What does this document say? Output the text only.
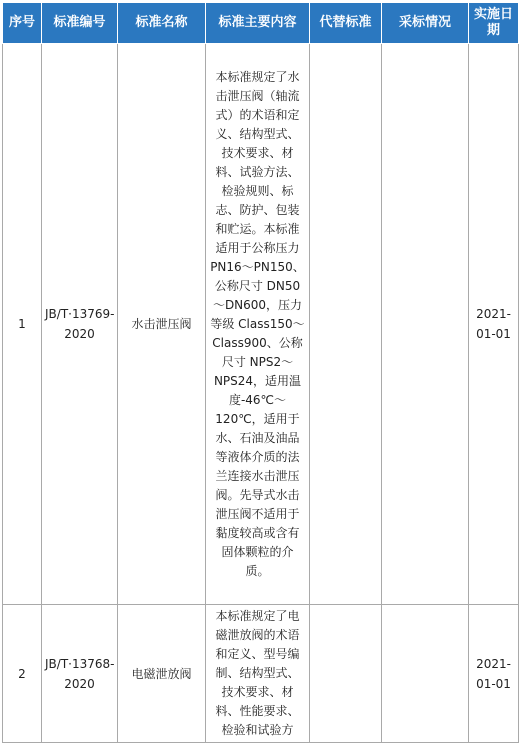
序号	标准编号	标准名称	标准主要内容	代替标准	采标情况	实施日期
1	JB/T·13769-2020	水击泄压阀	本标准规定了水击泄压阀（轴流式）的术语和定义、结构型式、技术要求、材料、试验方法、检验规则、标志、防护、包装和贮运。本标准适用于公称压力 PN16～PN150、公称尺寸 DN50～DN600，压力等级 Class150～Class900、公称尺寸 NPS2～NPS24，适用温度-46℃～120℃，适用于水、石油及油品等液体介质的法兰连接水击泄压阀。先导式水击泄压阀不适用于黏度较高或含有固体颗粒的介质。			2021-01-01
2	JB/T·13768-2020	电磁泄放阀	本标准规定了电磁泄放阀的术语和定义、型号编制、结构型式、技术要求、材料、性能要求、检验和试验方			2021-01-01
